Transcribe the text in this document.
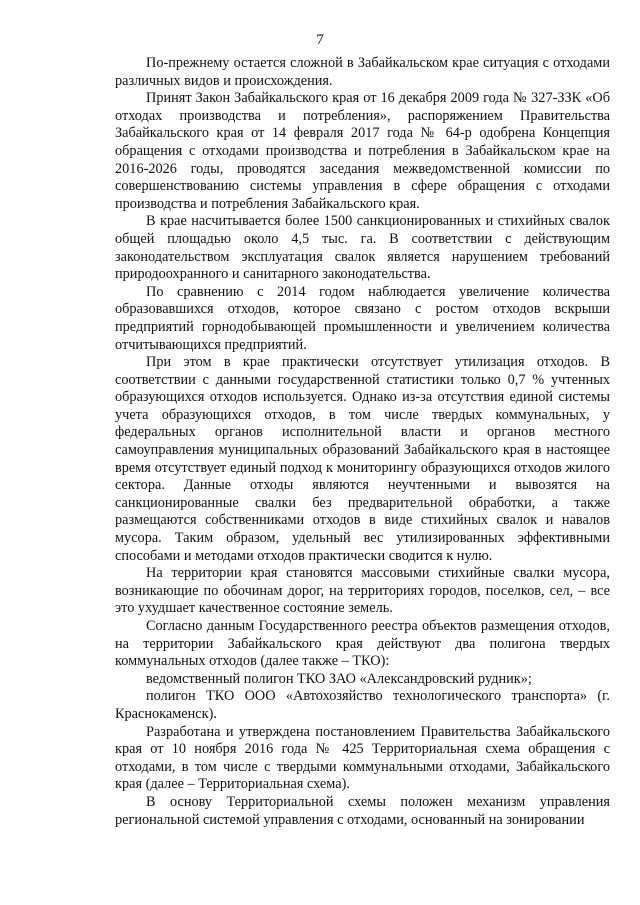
7

По-прежнему остается сложной в Забайкальском крае ситуация с отходами различных видов и происхождения.

Принят Закон Забайкальского края от 16 декабря 2009 года № 327-ЗЗК «Об отходах производства и потребления», распоряжением Правительства Забайкальского края от 14 февраля 2017 года № 64-р одобрена Концепция обращения с отходами производства и потребления в Забайкальском крае на 2016-2026 годы, проводятся заседания межведомственной комиссии по совершенствованию системы управления в сфере обращения с отходами производства и потребления Забайкальского края.

В крае насчитывается более 1500 санкционированных и стихийных свалок общей площадью около 4,5 тыс. га. В соответствии с действующим законодательством эксплуатация свалок является нарушением требований природоохранного и санитарного законодательства.

По сравнению с 2014 годом наблюдается увеличение количества образовавшихся отходов, которое связано с ростом отходов вскрыши предприятий горнодобывающей промышленности и увеличением количества отчитывающихся предприятий.

При этом в крае практически отсутствует утилизация отходов. В соответствии с данными государственной статистики только 0,7 % учтенных образующихся отходов используется. Однако из-за отсутствия единой системы учета образующихся отходов, в том числе твердых коммунальных, у федеральных органов исполнительной власти и органов местного самоуправления муниципальных образований Забайкальского края в настоящее время отсутствует единый подход к мониторингу образующихся отходов жилого сектора. Данные отходы являются неучтенными и вывозятся на санкционированные свалки без предварительной обработки, а также размещаются собственниками отходов в виде стихийных свалок и навалов мусора. Таким образом, удельный вес утилизированных эффективными способами и методами отходов практически сводится к нулю.

На территории края становятся массовыми стихийные свалки мусора, возникающие по обочинам дорог, на территориях городов, поселков, сел, – все это ухудшает качественное состояние земель.

Согласно данным Государственного реестра объектов размещения отходов, на территории Забайкальского края действуют два полигона твердых коммунальных отходов (далее также – ТКО):

ведомственный полигон ТКО ЗАО «Александровский рудник»;

полигон ТКО ООО «Автохозяйство технологического транспорта» (г. Краснокаменск).

Разработана и утверждена постановлением Правительства Забайкальского края от 10 ноября 2016 года № 425 Территориальная схема обращения с отходами, в том числе с твердыми коммунальными отходами, Забайкальского края (далее – Территориальная схема).

В основу Территориальной схемы положен механизм управления региональной системой управления с отходами, основанный на зонировании
